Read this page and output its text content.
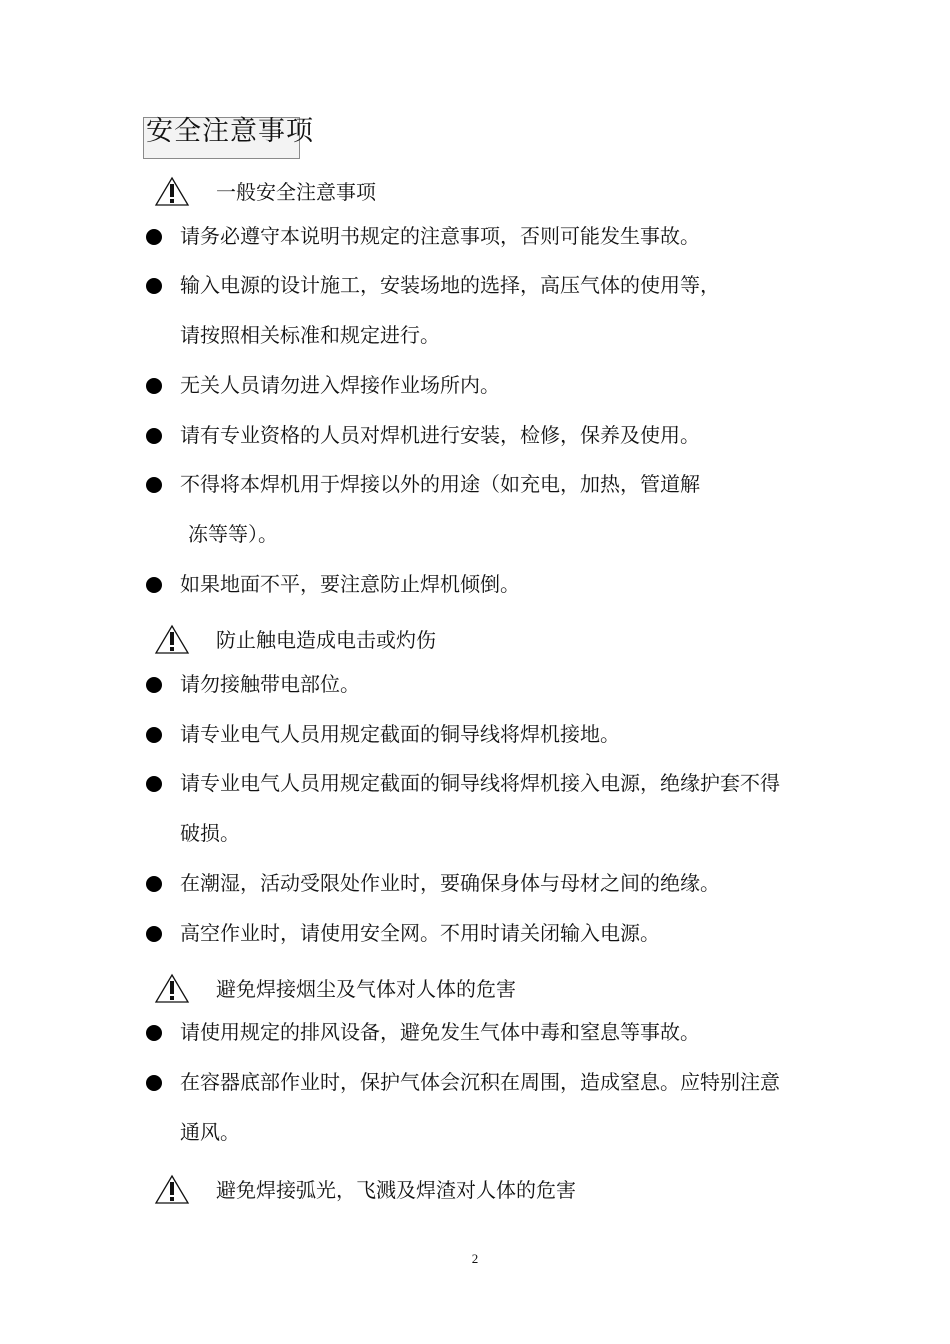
安全注意事项
一般安全注意事项
请务必遵守本说明书规定的注意事项，否则可能发生事故。
输入电源的设计施工，安装场地的选择，高压气体的使用等，
请按照相关标准和规定进行。
无关人员请勿进入焊接作业场所内。
请有专业资格的人员对焊机进行安装，检修，保养及使用。
不得将本焊机用于焊接以外的用途（如充电，加热，管道解
冻等等）。
如果地面不平，要注意防止焊机倾倒。
防止触电造成电击或灼伤
请勿接触带电部位。
请专业电气人员用规定截面的铜导线将焊机接地。
请专业电气人员用规定截面的铜导线将焊机接入电源，绝缘护套不得
破损。
在潮湿，活动受限处作业时，要确保身体与母材之间的绝缘。
高空作业时，请使用安全网。不用时请关闭输入电源。
避免焊接烟尘及气体对人体的危害
请使用规定的排风设备，避免发生气体中毒和窒息等事故。
在容器底部作业时，保护气体会沉积在周围，造成窒息。应特别注意
通风。
避免焊接弧光，飞溅及焊渣对人体的危害
2
